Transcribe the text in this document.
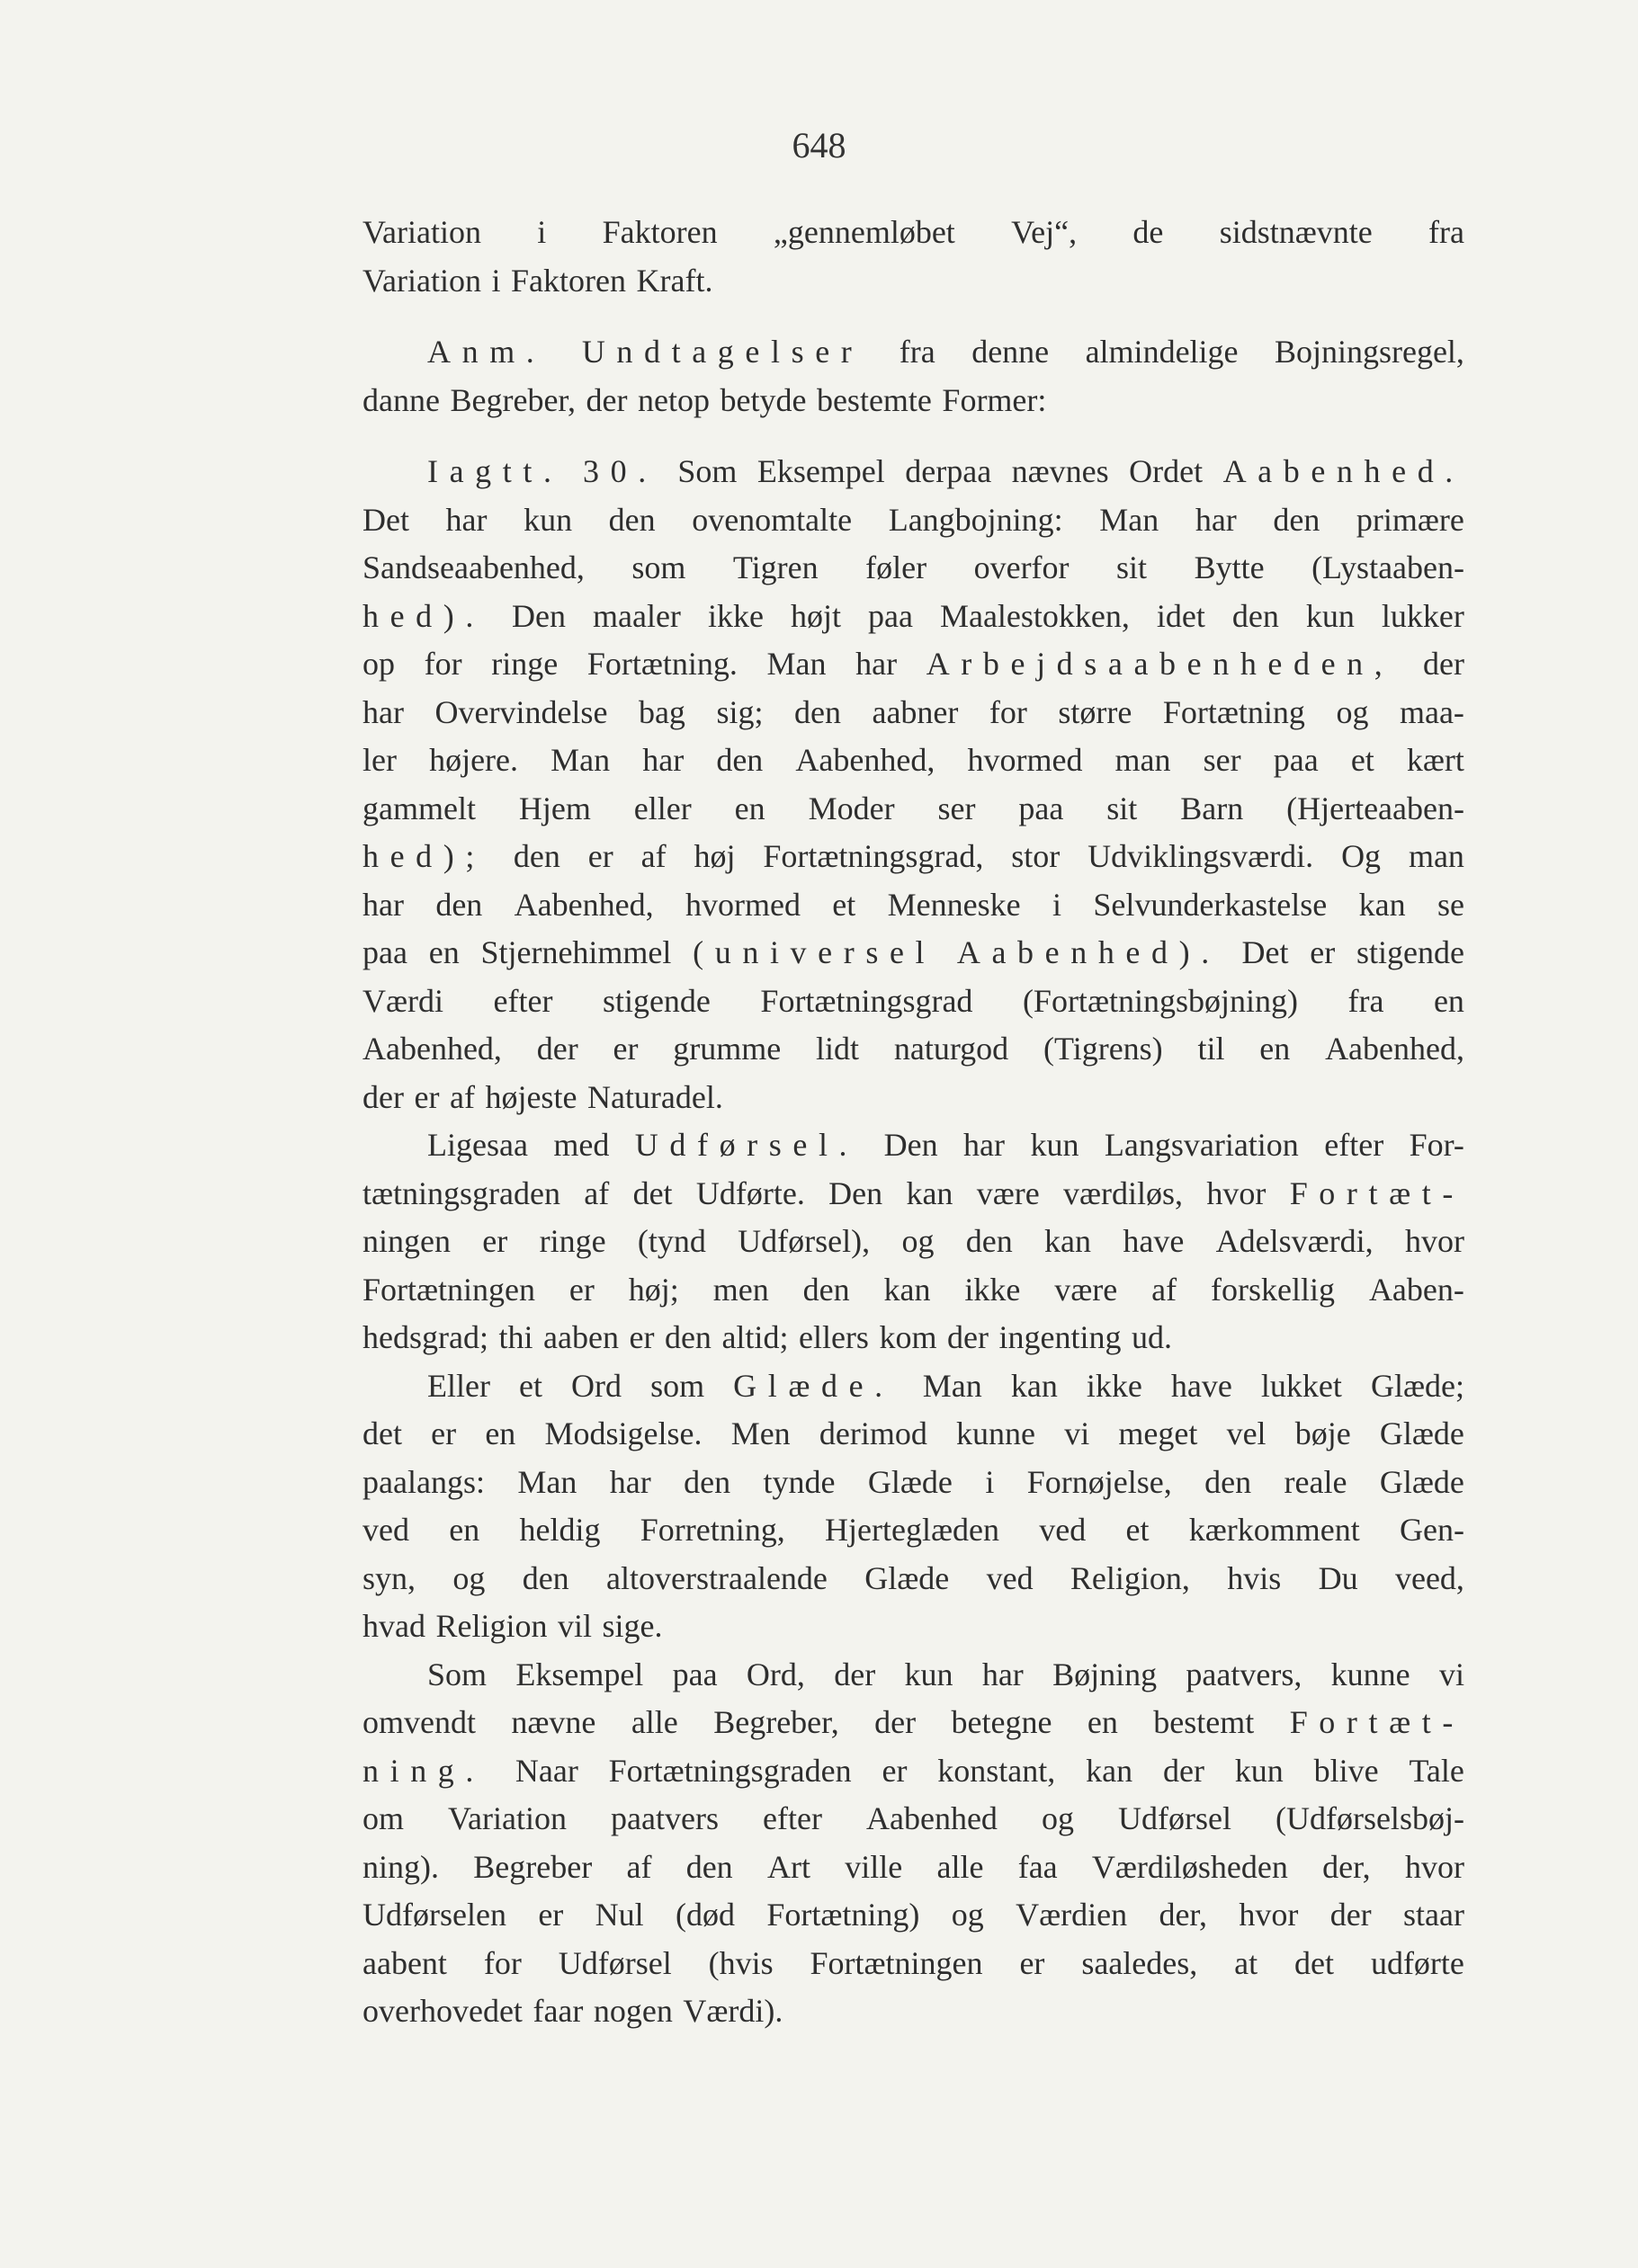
648
Variation i Faktoren „gennemløbet Vej“, de sidstnævnte fra
Variation i Faktoren Kraft.
Anm. Undtagelser fra denne almindelige Bojningsregel,
danne Begreber, der netop betyde bestemte Former:
Iagtt. 30. Som Eksempel derpaa nævnes Ordet Aabenhed.
Det har kun den ovenomtalte Langbojning: Man har den primære
Sandseaabenhed, som Tigren føler overfor sit Bytte (Lystaaben-
hed). Den maaler ikke højt paa Maalestokken, idet den kun lukker
op for ringe Fortætning. Man har Arbejdsaabenheden, der
har Overvindelse bag sig; den aabner for større Fortætning og maa-
ler højere. Man har den Aabenhed, hvormed man ser paa et kært
gammelt Hjem eller en Moder ser paa sit Barn (Hjerteaaben-
hed); den er af høj Fortætningsgrad, stor Udviklingsværdi. Og man
har den Aabenhed, hvormed et Menneske i Selvunderkastelse kan se
paa en Stjernehimmel (universel Aabenhed). Det er stigende
Værdi efter stigende Fortætningsgrad (Fortætningsbøjning) fra en
Aabenhed, der er grumme lidt naturgod (Tigrens) til en Aabenhed,
der er af højeste Naturadel.
Ligesaa med Udførsel. Den har kun Langsvariation efter For-
tætningsgraden af det Udførte. Den kan være værdiløs, hvor Fortæt-
ningen er ringe (tynd Udførsel), og den kan have Adelsværdi, hvor
Fortætningen er høj; men den kan ikke være af forskellig Aaben-
hedsgrad; thi aaben er den altid; ellers kom der ingenting ud.
Eller et Ord som Glæde. Man kan ikke have lukket Glæde;
det er en Modsigelse. Men derimod kunne vi meget vel bøje Glæde
paalangs: Man har den tynde Glæde i Fornøjelse, den reale Glæde
ved en heldig Forretning, Hjerteglæden ved et kærkomment Gen-
syn, og den altoverstraalende Glæde ved Religion, hvis Du veed,
hvad Religion vil sige.
Som Eksempel paa Ord, der kun har Bøjning paatvers, kunne vi
omvendt nævne alle Begreber, der betegne en bestemt Fortæt-
ning. Naar Fortætningsgraden er konstant, kan der kun blive Tale
om Variation paatvers efter Aabenhed og Udførsel (Udførselsbøj-
ning). Begreber af den Art ville alle faa Værdiløsheden der, hvor
Udførselen er Nul (død Fortætning) og Værdien der, hvor der staar
aabent for Udførsel (hvis Fortætningen er saaledes, at det udførte
overhovedet faar nogen Værdi).
